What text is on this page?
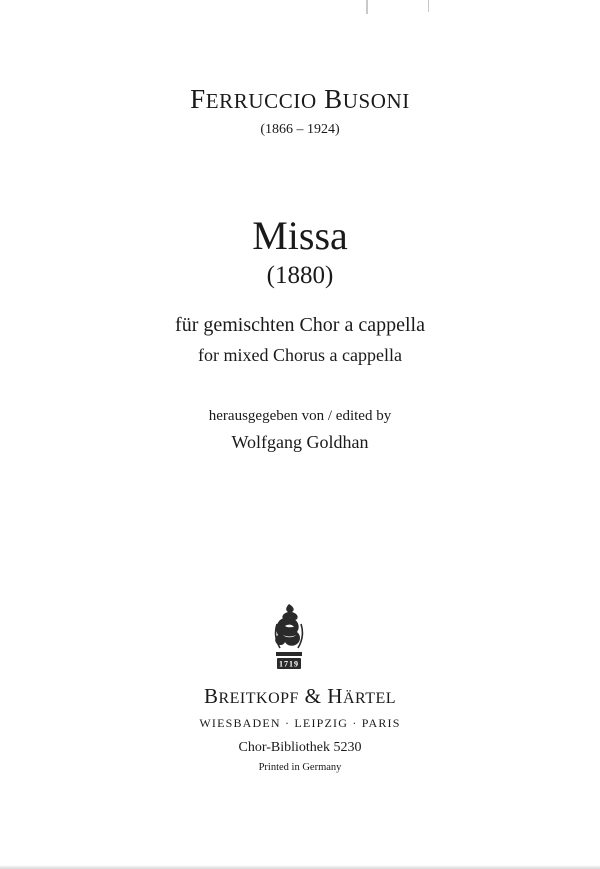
FERRUCCIO BUSONI
(1866 – 1924)
Missa
(1880)
für gemischten Chor a cappella
for mixed Chorus a cappella
herausgegeben von / edited by
Wolfgang Goldhan
1719
BREITKOPF & HÄRTEL
WIESBADEN · LEIPZIG · PARIS
Chor-Bibliothek 5230
Printed in Germany
